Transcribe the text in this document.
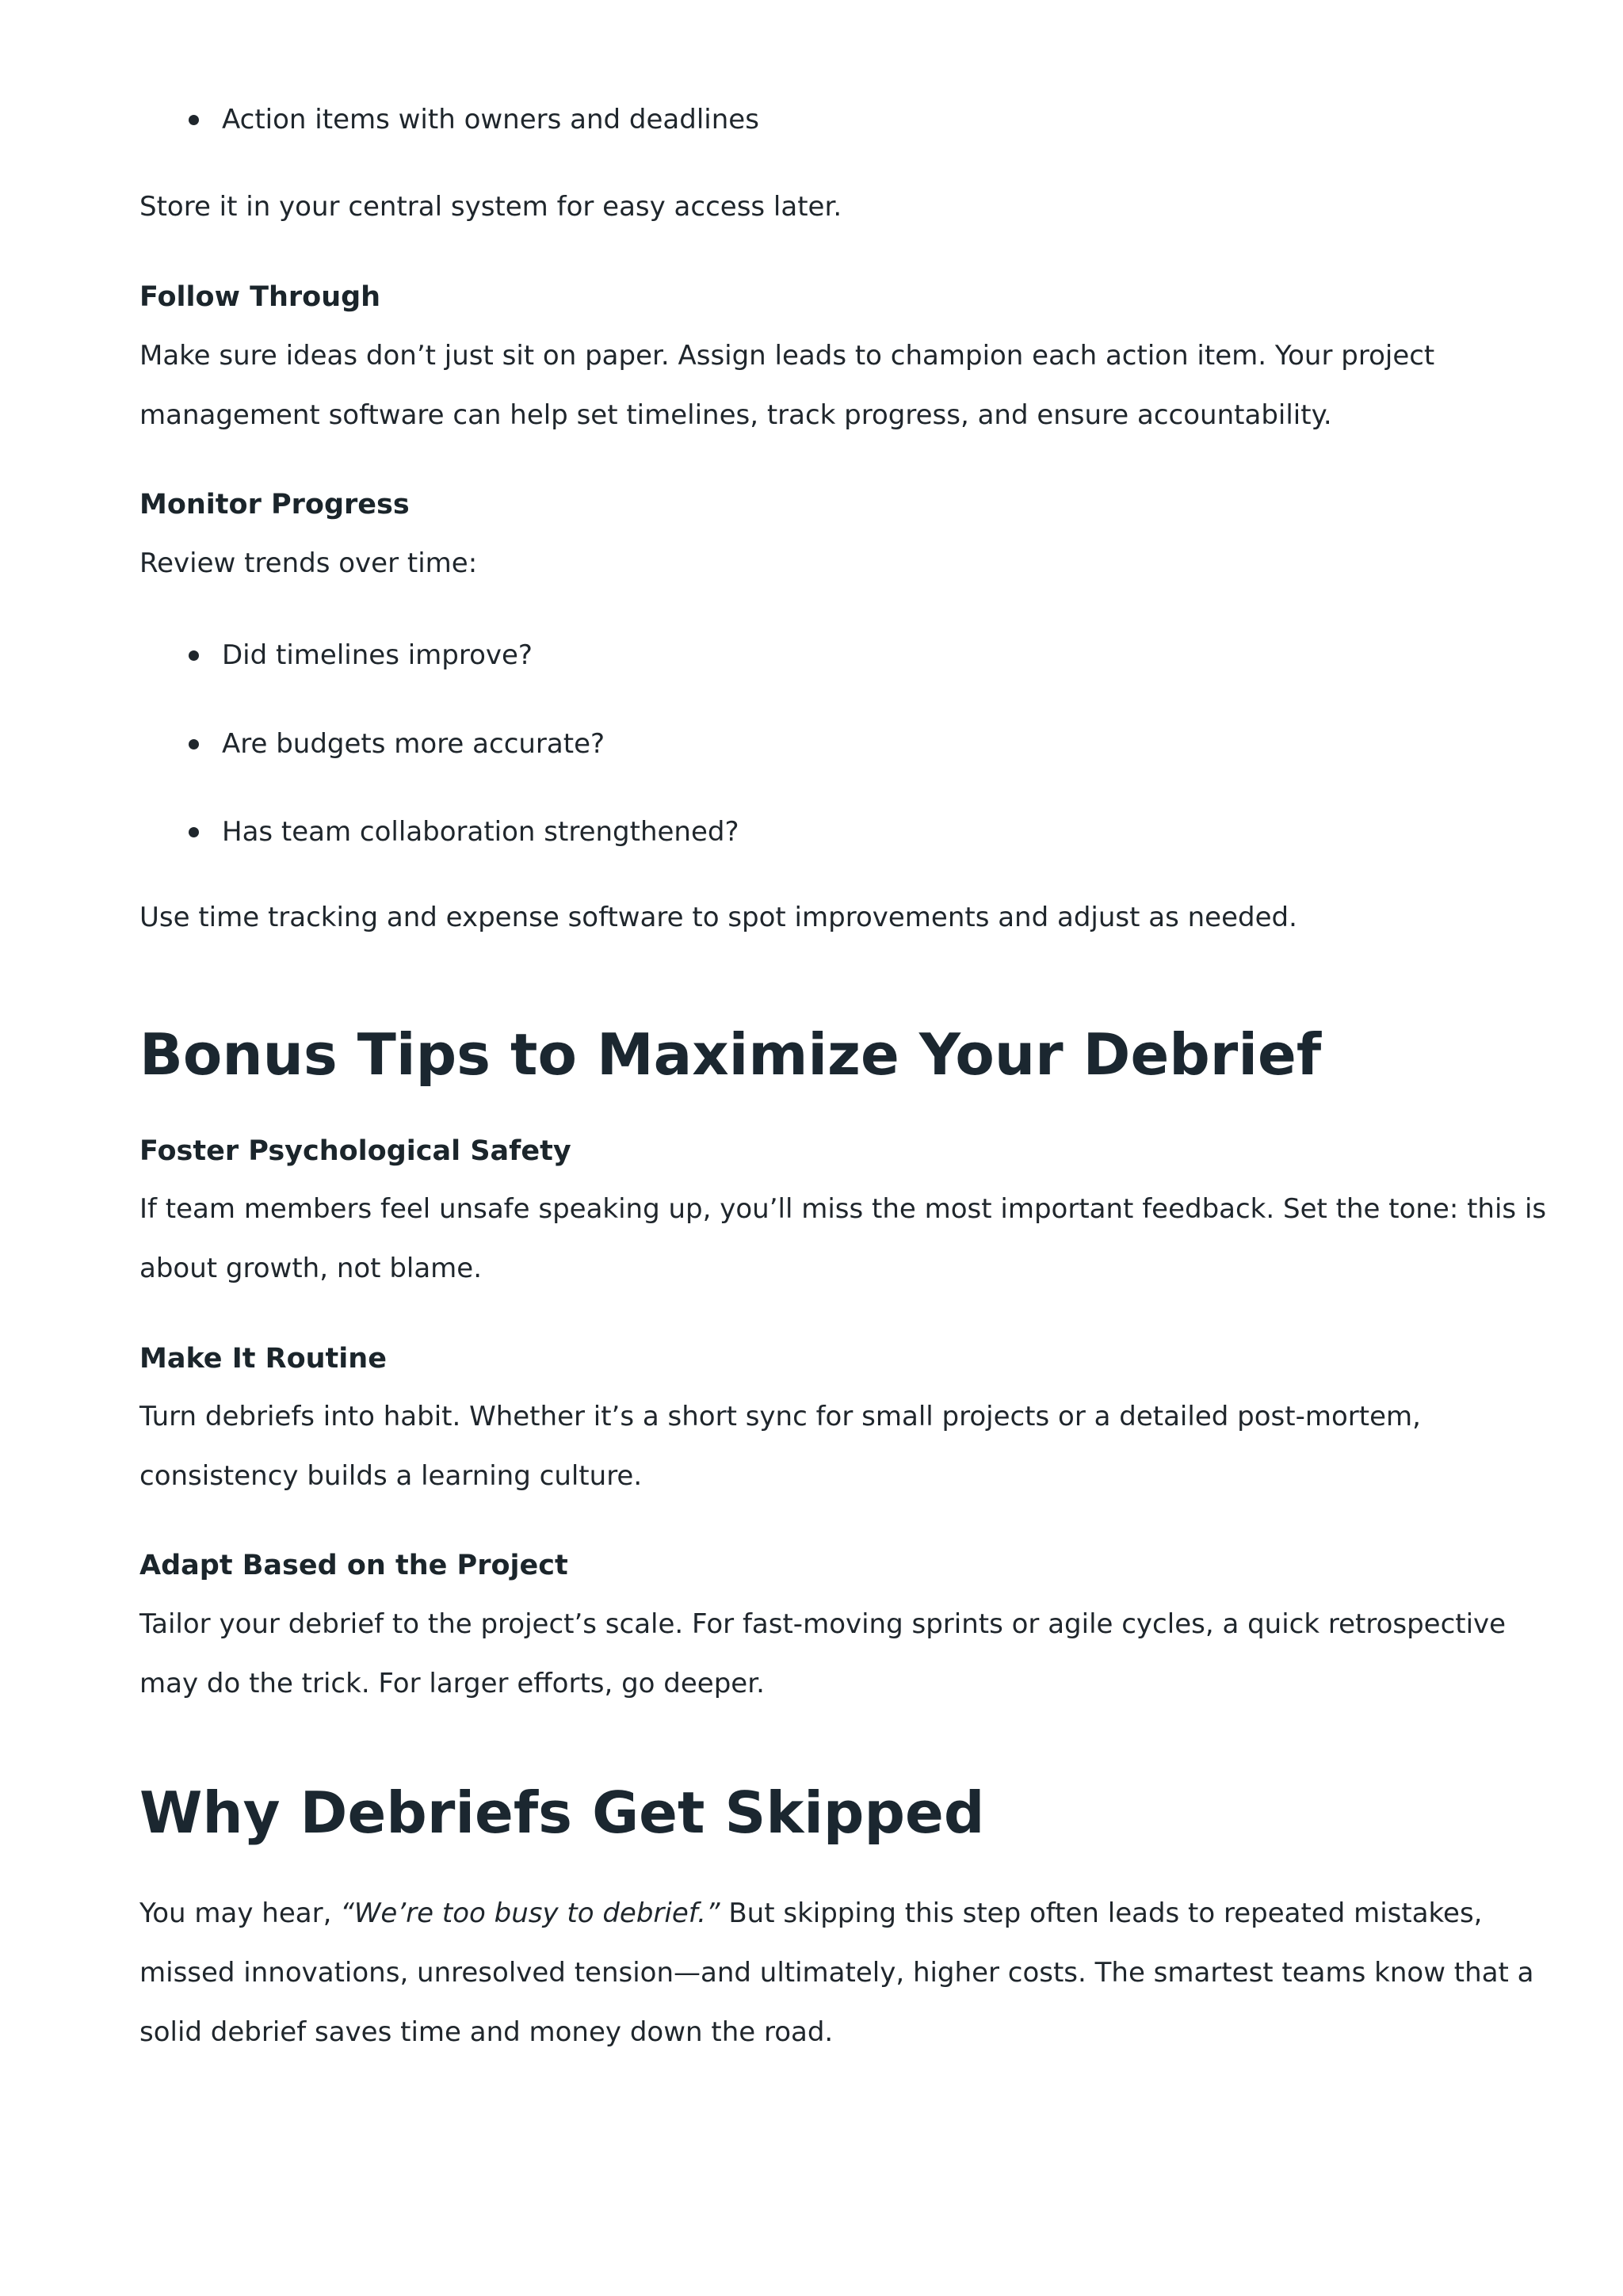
Action items with owners and deadlines

Store it in your central system for easy access later.

Follow Through

Make sure ideas don’t just sit on paper. Assign leads to champion each action item. Your project management software can help set timelines, track progress, and ensure accountability.

Monitor Progress

Review trends over time:

Did timelines improve?
Are budgets more accurate?
Has team collaboration strengthened?

Use time tracking and expense software to spot improvements and adjust as needed.

Bonus Tips to Maximize Your Debrief
Foster Psychological Safety

If team members feel unsafe speaking up, you’ll miss the most important feedback. Set the tone: this is about growth, not blame.

Make It Routine

Turn debriefs into habit. Whether it’s a short sync for small projects or a detailed post-mortem, consistency builds a learning culture.

Adapt Based on the Project

Tailor your debrief to the project’s scale. For fast-moving sprints or agile cycles, a quick retrospective may do the trick. For larger efforts, go deeper.

Why Debriefs Get Skipped

You may hear, “We’re too busy to debrief.” But skipping this step often leads to repeated mistakes, missed innovations, unresolved tension—and ultimately, higher costs. The smartest teams know that a solid debrief saves time and money down the road.
